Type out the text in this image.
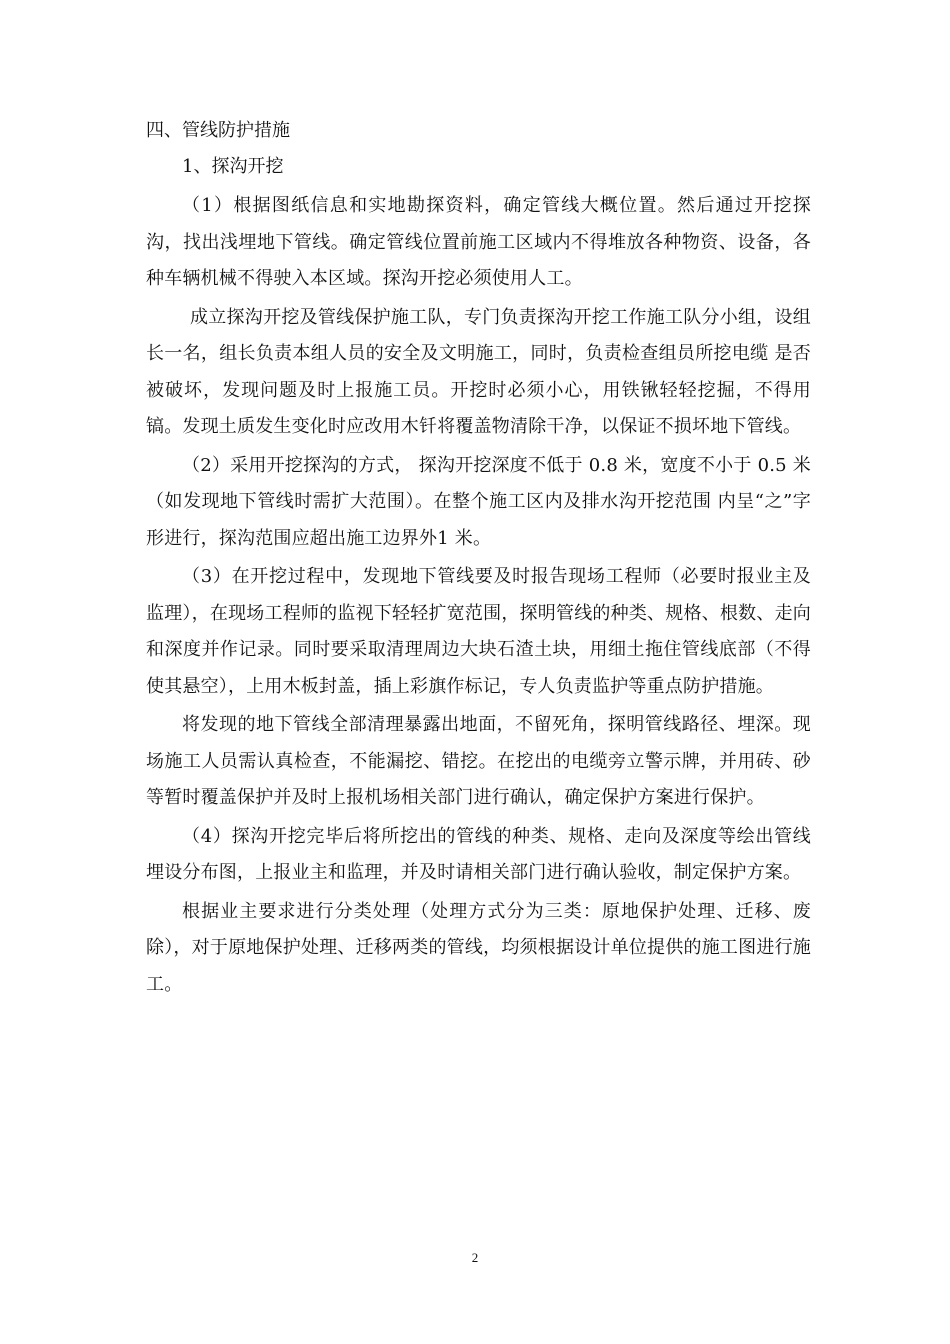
四、管线防护措施
1、探沟开挖

（1）根据图纸信息和实地勘探资料，确定管线大概位置。然后通过开挖探沟，找出浅埋地下管线。确定管线位置前施工区域内不得堆放各种物资、设备，各种车辆机械不得驶入本区域。探沟开挖必须使用人工。

成立探沟开挖及管线保护施工队，专门负责探沟开挖工作施工队分小组，设组长一名，组长负责本组人员的安全及文明施工，同时，负责检查组员所挖电缆 是否被破坏，发现问题及时上报施工员。开挖时必须小心，用铁锹轻轻挖掘，不得用镐。发现土质发生变化时应改用木钎将覆盖物清除干净，以保证不损坏地下管线。

（2）采用开挖探沟的方式， 探沟开挖深度不低于 0.8 米，宽度不小于 0.5 米（如发现地下管线时需扩大范围）。在整个施工区内及排水沟开挖范围 内呈“之”字形进行，探沟范围应超出施工边界外1 米。

（3）在开挖过程中，发现地下管线要及时报告现场工程师（必要时报业主及监理），在现场工程师的监视下轻轻扩宽范围，探明管线的种类、规格、根数、走向和深度并作记录。同时要采取清理周边大块石渣土块，用细土拖住管线底部（不得使其悬空），上用木板封盖，插上彩旗作标记，专人负责监护等重点防护措施。

将发现的地下管线全部清理暴露出地面，不留死角，探明管线路径、埋深。现场施工人员需认真检查，不能漏挖、错挖。在挖出的电缆旁立警示牌，并用砖、砂等暂时覆盖保护并及时上报机场相关部门进行确认，确定保护方案进行保护。

（4）探沟开挖完毕后将所挖出的管线的种类、规格、走向及深度等绘出管线埋设分布图，上报业主和监理，并及时请相关部门进行确认验收，制定保护方案。

根据业主要求进行分类处理（处理方式分为三类：原地保护处理、迁移、废除），对于原地保护处理、迁移两类的管线，均须根据设计单位提供的施工图进行施工。

2
